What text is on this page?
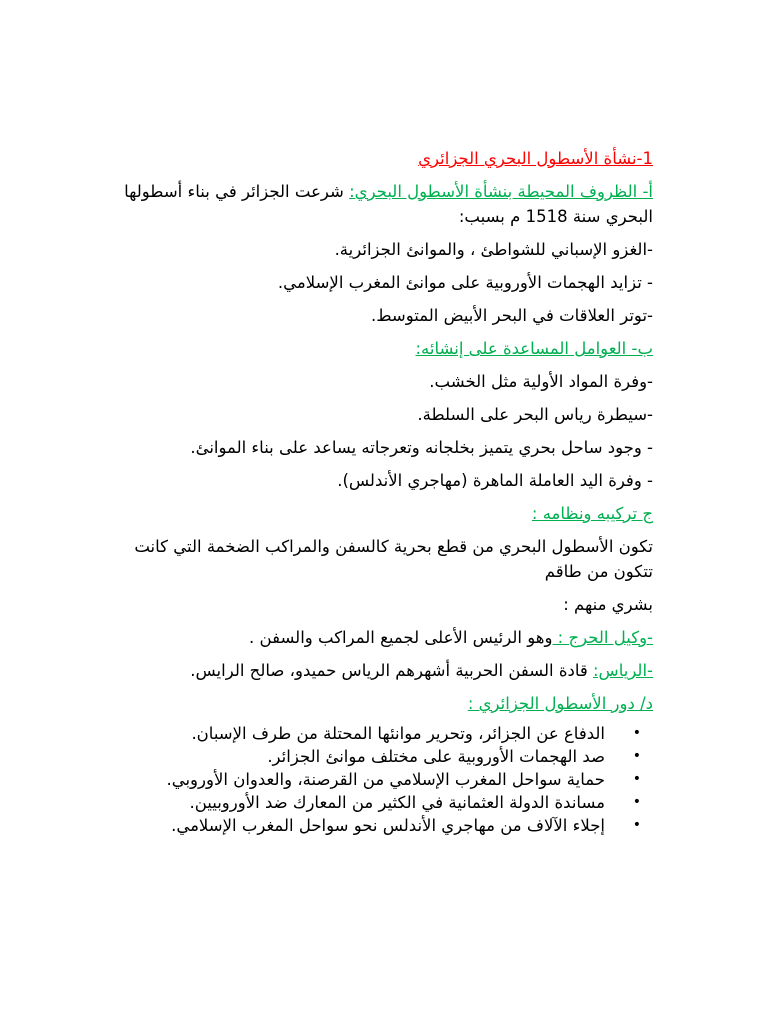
1-نشأة الأسطول البحري الجزائري

أ- الظروف المحيطة بنشأة الأسطول البحري: شرعت الجزائر في بناء أسطولها البحري سنة 1518 م بسبب:

-الغزو الإسباني للشواطئ ، والموانئ الجزائرية.

- تزايد الهجمات الأوروبية على موانئ المغرب الإسلامي.

-توتر العلاقات في البحر الأبيض المتوسط.

ب- العوامل المساعدة على إنشائه:

-وفرة المواد الأولية مثل الخشب.

-سيطرة رياس البحر على السلطة.

- وجود ساحل بحري يتميز بخلجانه وتعرجاته يساعد على بناء الموانئ.

- وفرة اليد العاملة الماهرة (مهاجري الأندلس).

ج تركيبه ونظامه :

تكون الأسطول البحري من قطع بحرية كالسفن والمراكب الضخمة التي كانت تتكون من طاقم

بشري منهم :

-وكيل الحرج : وهو الرئيس الأعلى لجميع المراكب والسفن .

-الرياس: قادة السفن الحربية أشهرهم الرياس حميدو، صالح الرايس.

د/ دور الأسطول الجزائري :

•
الدفاع عن الجزائر، وتحرير موانئها المحتلة من طرف الإسبان.
•
صد الهجمات الأوروبية على مختلف موانئ الجزائر.
•
حماية سواحل المغرب الإسلامي من القرصنة، والعدوان الأوروبي.
•
مساندة الدولة العثمانية في الكثير من المعارك ضد الأوروبيين.
•
إجلاء الآلاف من مهاجري الأندلس نحو سواحل المغرب الإسلامي.
